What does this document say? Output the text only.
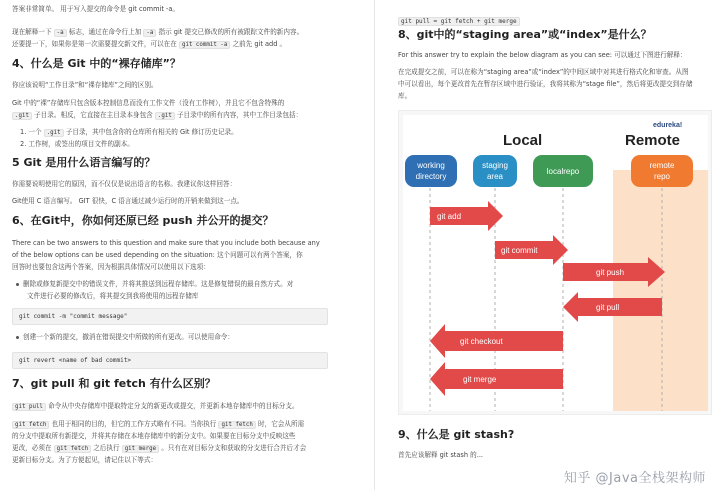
答案非常简单。 用于写入提交的命令是 git commit -a。

现在解释一下 -a 标志，通过在命令行上加 -a 指示 git 提交已修改的所有被跟踪文件的新内容。

还要提一下，如果你是第一次需要提交新文件，可以在在 git commit -a 之前先 git add 。

4、什么是 Git 中的“裸存储库”？

你应该说明“工作目录”和“裸存储库”之间的区别。

Git 中的“裸”存储库只包含版本控制信息而没有工作文件（没有工作树），并且它不包含特殊的

.git 子目录。相反，它直接在主目录本身包含 .git 子目录中的所有内容，其中工作目录包括：

1. 一个 .git 子目录，其中包含你的仓库所有相关的 Git 修订历史记录。

2. 工作树，或签出的项目文件的副本。

5 Git 是用什么语言编写的？

你需要说明使用它的原因，而不仅仅是说出语言的名称。我建议你这样回答：

Git使用 C 语言编写。 GIT 很快，C 语言通过减少运行时的开销来做到这一点。

6、在Git中，你如何还原已经 push 并公开的提交？

There can be two answers to this question and make sure that you include both because any

of the below options can be used depending on the situation: 这个问题可以有两个答案，你

回答时也要包含这两个答案，因为根据具体情况可以使用以下选项：

删除或修复新提交中的错误文件，并将其推送到远程存储库。这是修复错误的最自然方式。对

文件进行必要的修改后，将其提交到我将使用的远程存储库

git commit -m "commit message"
创建一个新的提交，撤消在错误提交中所做的所有更改。可以使用命令：
git revert <name of bad commit>
7、git pull 和 git fetch 有什么区别？

git pull 命令从中央存储库中提取特定分支的新更改或提交，并更新本地存储库中的目标分支。

git fetch 也用于相同的目的，但它的工作方式略有不同。当你执行 git fetch 时，它会从所需

的分支中提取所有新提交，并将其存储在本地存储库中的新分支中。如果要在目标分支中反映这些

更改，必须在 git fetch 之后执行 git merge 。只有在对目标分支和获取的分支进行合并后才会

更新目标分支。为了方便起见，请记住以下等式：

git pull = git fetch + git merge
8、git中的“staging area”或“index”是什么？

For this answer try to explain the below diagram as you can see: 可以通过下图进行解释：

在完成提交之前，可以在称为“staging area”或“index”的中间区域中对其进行格式化和审查。从图

中可以看出，每个更改首先在暂存区域中进行验证，我将其称为“stage file”，然后将更改提交到存储

库。

Local	Remote
edureka!
working
directory
staging
area
localrepo
remote
repo
git add
git commit
git push
git pull
git checkout
git merge
9、什么是 git stash?

首先应该解释 git stash 的...

知乎 @Java全栈架构师
